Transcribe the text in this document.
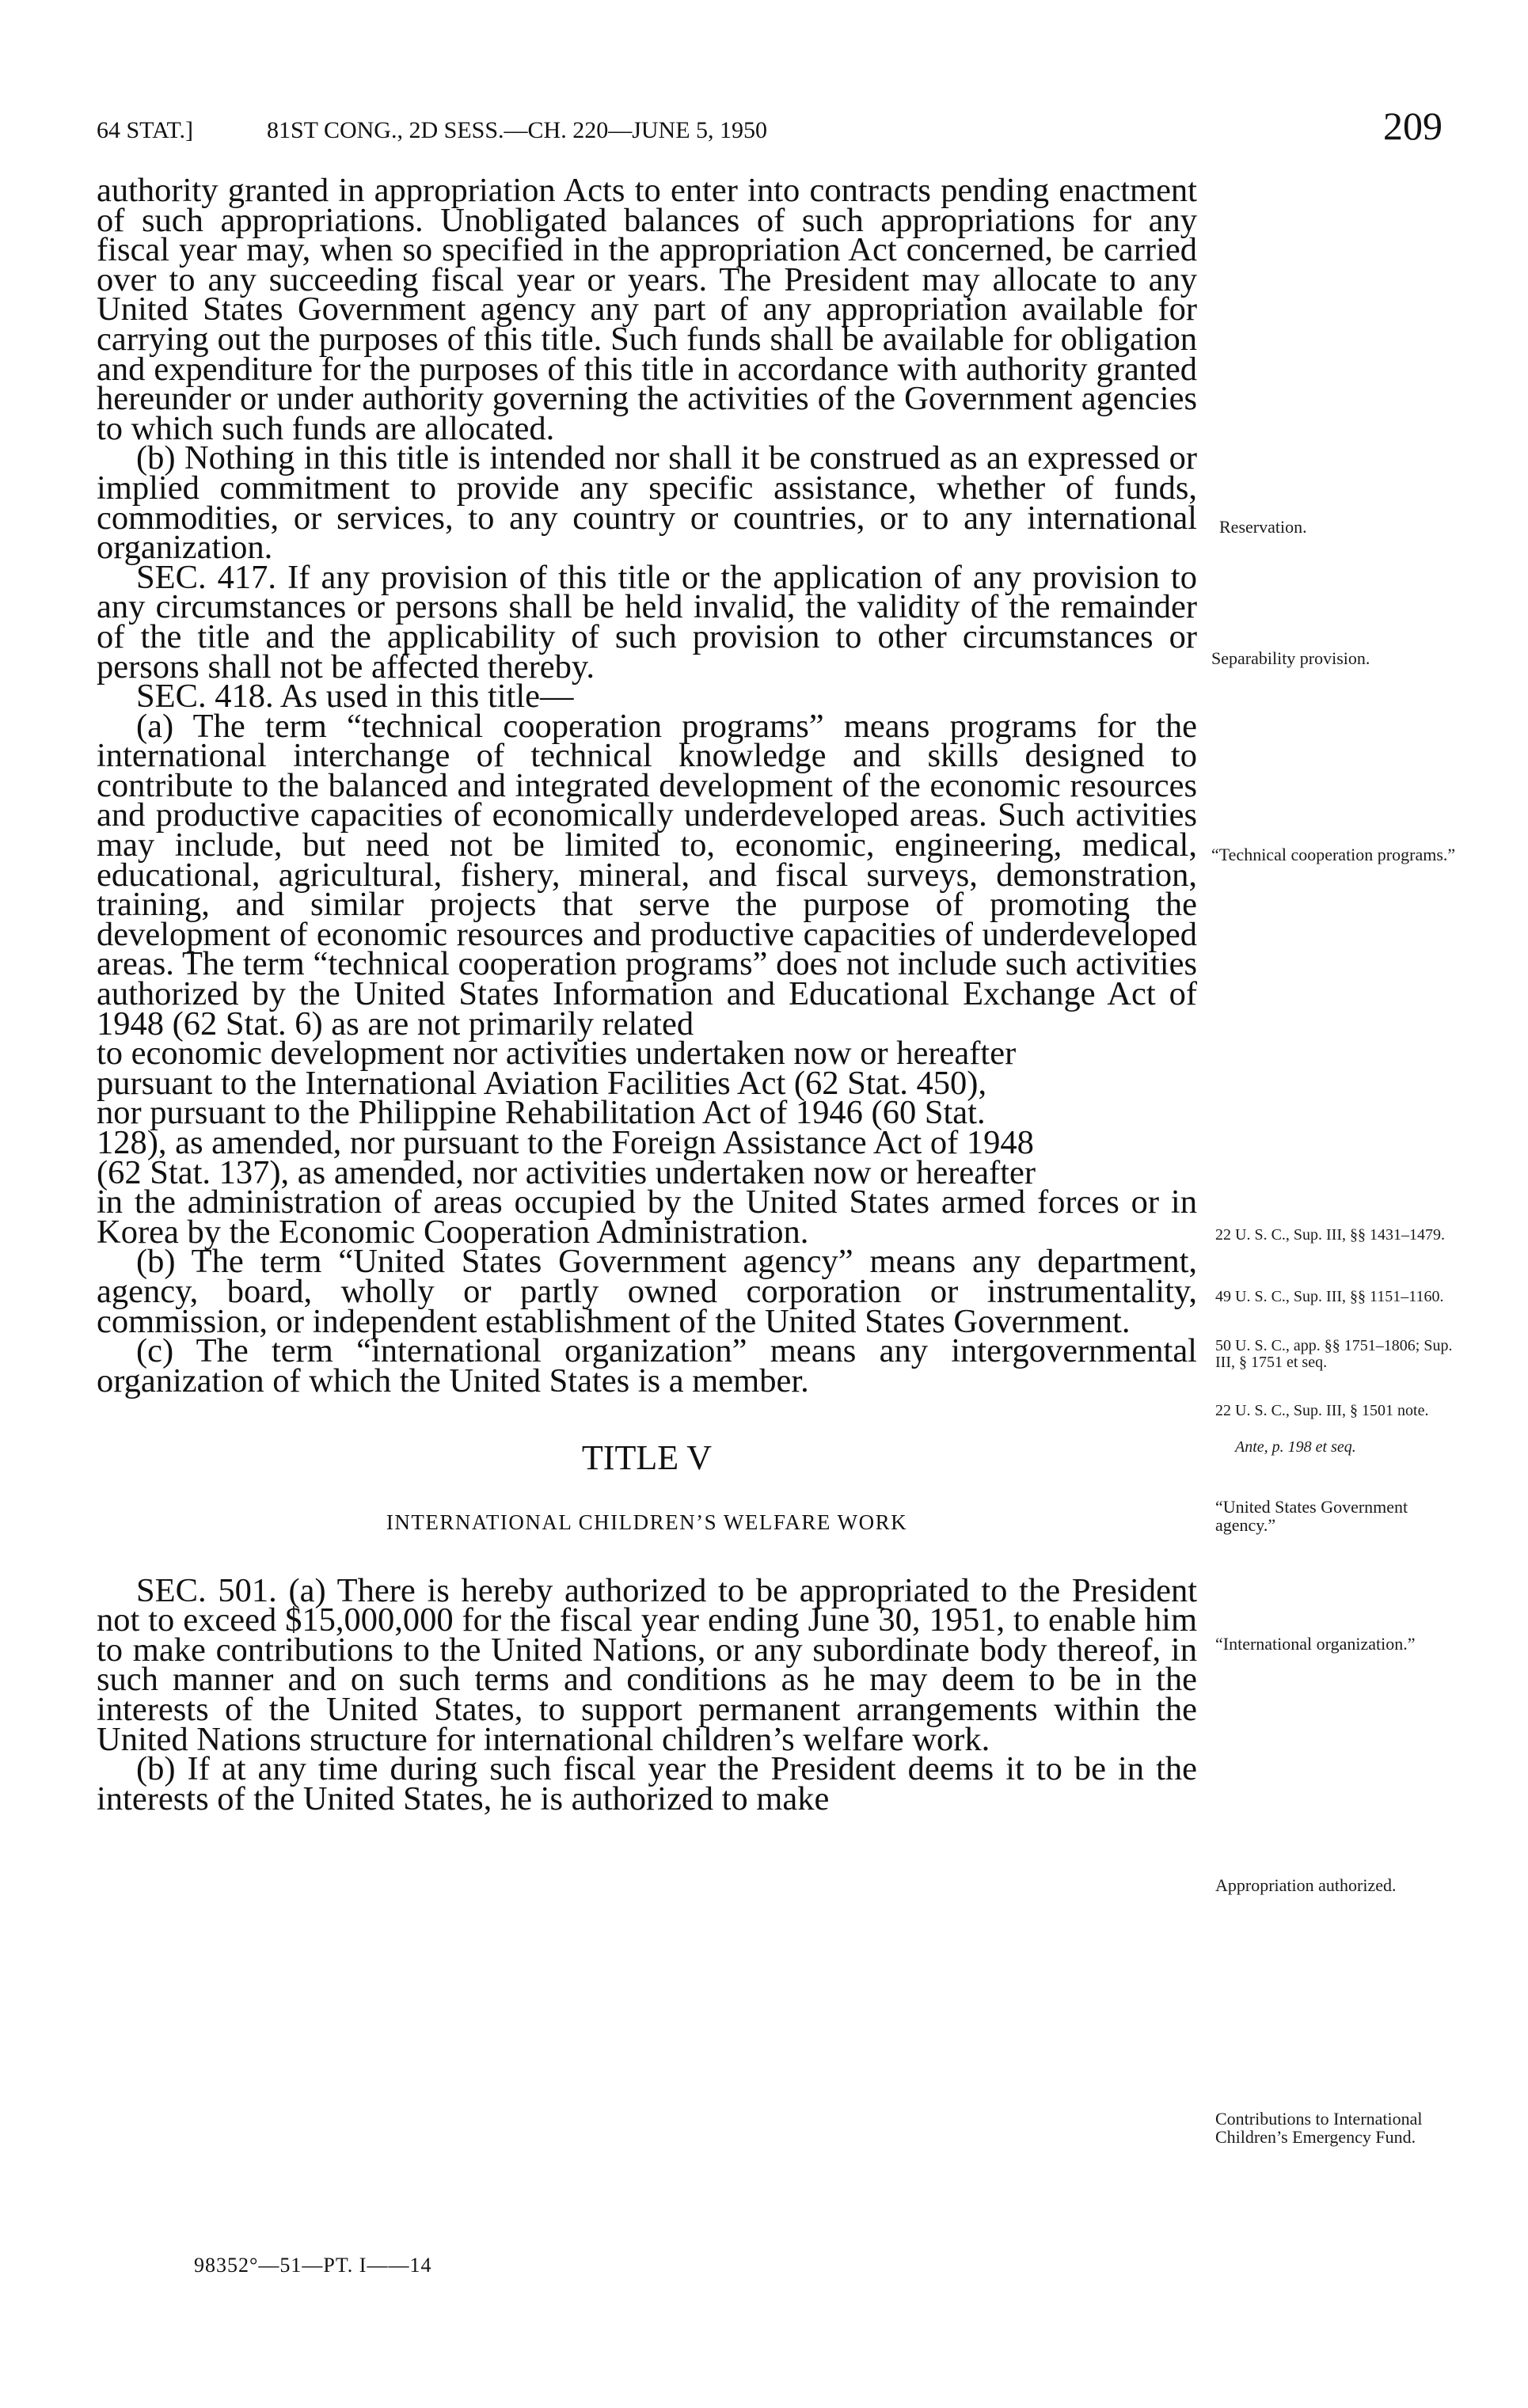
64 STAT.]	81ST CONG., 2D SESS.—CH. 220—JUNE 5, 1950	209

authority granted in appropriation Acts to enter into contracts pending enactment of such appropriations. Unobligated balances of such appropriations for any fiscal year may, when so specified in the appropriation Act concerned, be carried over to any succeeding fiscal year or years. The President may allocate to any United States Government agency any part of any appropriation available for carrying out the purposes of this title. Such funds shall be available for obligation and expenditure for the purposes of this title in accordance with authority granted hereunder or under authority governing the activities of the Government agencies to which such funds are allocated.

(b) Nothing in this title is intended nor shall it be construed as an expressed or implied commitment to provide any specific assistance, whether of funds, commodities, or services, to any country or countries, or to any international organization.

SEC. 417. If any provision of this title or the application of any provision to any circumstances or persons shall be held invalid, the validity of the remainder of the title and the applicability of such provision to other circumstances or persons shall not be affected thereby.

SEC. 418. As used in this title—

(a) The term “technical cooperation programs” means programs for the international interchange of technical knowledge and skills designed to contribute to the balanced and integrated development of the economic resources and productive capacities of economically underdeveloped areas. Such activities may include, but need not be limited to, economic, engineering, medical, educational, agricultural, fishery, mineral, and fiscal surveys, demonstration, training, and similar projects that serve the purpose of promoting the development of economic resources and productive capacities of underdeveloped areas. The term “technical cooperation programs” does not include such activities authorized by the United States Information and Educational Exchange Act of 1948 (62 Stat. 6) as are not primarily related
to economic development nor activities undertaken now or hereafter
pursuant to the International Aviation Facilities Act (62 Stat. 450),
nor pursuant to the Philippine Rehabilitation Act of 1946 (60 Stat.
128), as amended, nor pursuant to the Foreign Assistance Act of 1948
(62 Stat. 137), as amended, nor activities undertaken now or hereafter
in the administration of areas occupied by the United States armed forces or in Korea by the Economic Cooperation Administration.

(b) The term “United States Government agency” means any department, agency, board, wholly or partly owned corporation or instrumentality, commission, or independent establishment of the United States Government.

(c) The term “international organization” means any intergovernmental organization of which the United States is a member.

TITLE V

INTERNATIONAL CHILDREN’S WELFARE WORK

SEC. 501. (a) There is hereby authorized to be appropriated to the President not to exceed $15,000,000 for the fiscal year ending June 30, 1951, to enable him to make contributions to the United Nations, or any subordinate body thereof, in such manner and on such terms and conditions as he may deem to be in the interests of the United States, to support permanent arrangements within the United Nations structure for international children’s welfare work.

(b) If at any time during such fiscal year the President deems it to be in the interests of the United States, he is authorized to make

Reservation.
Separability provision.
“Technical cooperation programs.”
22 U. S. C., Sup. III, §§ 1431–1479.
49 U. S. C., Sup. III, §§ 1151–1160.
50 U. S. C., app. §§ 1751–1806; Sup. III, § 1751 et seq.
22 U. S. C., Sup. III, § 1501 note.
Ante, p. 198 et seq.
“United States Government agency.”
“International organization.”
Appropriation authorized.
Contributions to International Children’s Emergency Fund.
98352°—51—PT. I——14
